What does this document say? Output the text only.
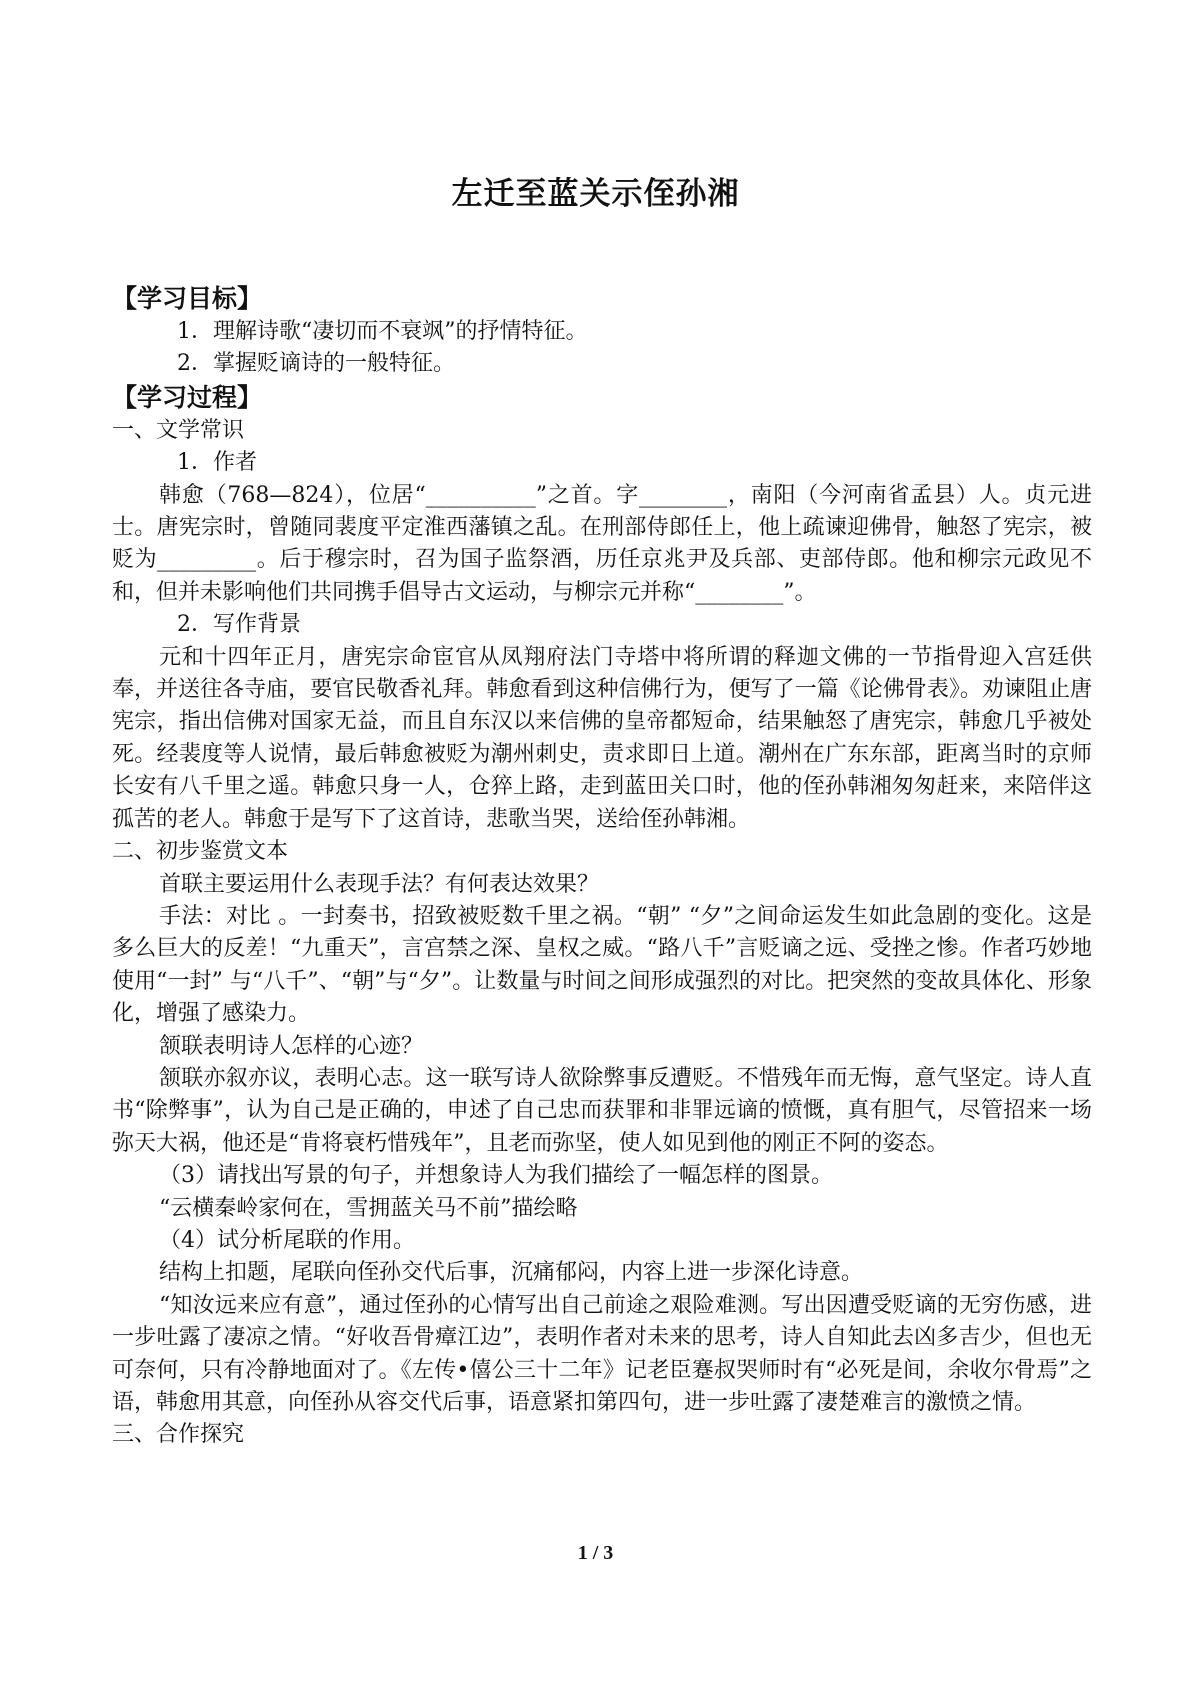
左迁至蓝关示侄孙湘

【学习目标】

1．理解诗歌“凄切而不衰飒”的抒情特征。

2．掌握贬谪诗的一般特征。

【学习过程】

一、文学常识

1．作者

韩愈（768—824），位居“__________”之首。字________，南阳（今河南省孟县）人。贞元进士。唐宪宗时，曾随同裴度平定淮西藩镇之乱。在刑部侍郎任上，他上疏谏迎佛骨，触怒了宪宗，被贬为_________。后于穆宗时，召为国子监祭酒，历任京兆尹及兵部、吏部侍郎。他和柳宗元政见不和，但并未影响他们共同携手倡导古文运动，与柳宗元并称“________”。

2．写作背景

元和十四年正月，唐宪宗命宦官从凤翔府法门寺塔中将所谓的释迦文佛的一节指骨迎入宫廷供奉，并送往各寺庙，要官民敬香礼拜。韩愈看到这种信佛行为，便写了一篇《论佛骨表》。劝谏阻止唐宪宗，指出信佛对国家无益，而且自东汉以来信佛的皇帝都短命，结果触怒了唐宪宗，韩愈几乎被处死。经裴度等人说情，最后韩愈被贬为潮州刺史，责求即日上道。潮州在广东东部，距离当时的京师长安有八千里之遥。韩愈只身一人，仓猝上路，走到蓝田关口时，他的侄孙韩湘匆匆赶来，来陪伴这孤苦的老人。韩愈于是写下了这首诗，悲歌当哭，送给侄孙韩湘。

二、初步鉴赏文本

首联主要运用什么表现手法？有何表达效果？

手法：对比 。一封奏书，招致被贬数千里之祸。“朝” “夕”之间命运发生如此急剧的变化。这是多么巨大的反差！“九重天”，言宫禁之深、皇权之威。“路八千”言贬谪之远、受挫之惨。作者巧妙地使用“一封” 与“八千”、“朝”与“夕”。让数量与时间之间形成强烈的对比。把突然的变故具体化、形象化，增强了感染力。

颔联表明诗人怎样的心迹？

颔联亦叙亦议，表明心志。这一联写诗人欲除弊事反遭贬。不惜残年而无悔，意气坚定。诗人直书“除弊事”，认为自己是正确的，申述了自己忠而获罪和非罪远谪的愤慨，真有胆气，尽管招来一场弥天大祸，他还是“肯将衰朽惜残年”，且老而弥坚，使人如见到他的刚正不阿的姿态。

（3）请找出写景的句子，并想象诗人为我们描绘了一幅怎样的图景。

“云横秦岭家何在，雪拥蓝关马不前”描绘略

（4）试分析尾联的作用。

结构上扣题，尾联向侄孙交代后事，沉痛郁闷，内容上进一步深化诗意。

“知汝远来应有意”，通过侄孙的心情写出自己前途之艰险难测。写出因遭受贬谪的无穷伤感，进一步吐露了凄凉之情。“好收吾骨瘴江边”，表明作者对未来的思考，诗人自知此去凶多吉少，但也无可奈何，只有冷静地面对了。《左传•僖公三十二年》记老臣蹇叔哭师时有“必死是间，余收尔骨焉”之语，韩愈用其意，向侄孙从容交代后事，语意紧扣第四句，进一步吐露了凄楚难言的激愤之情。

三、合作探究

1 / 3
